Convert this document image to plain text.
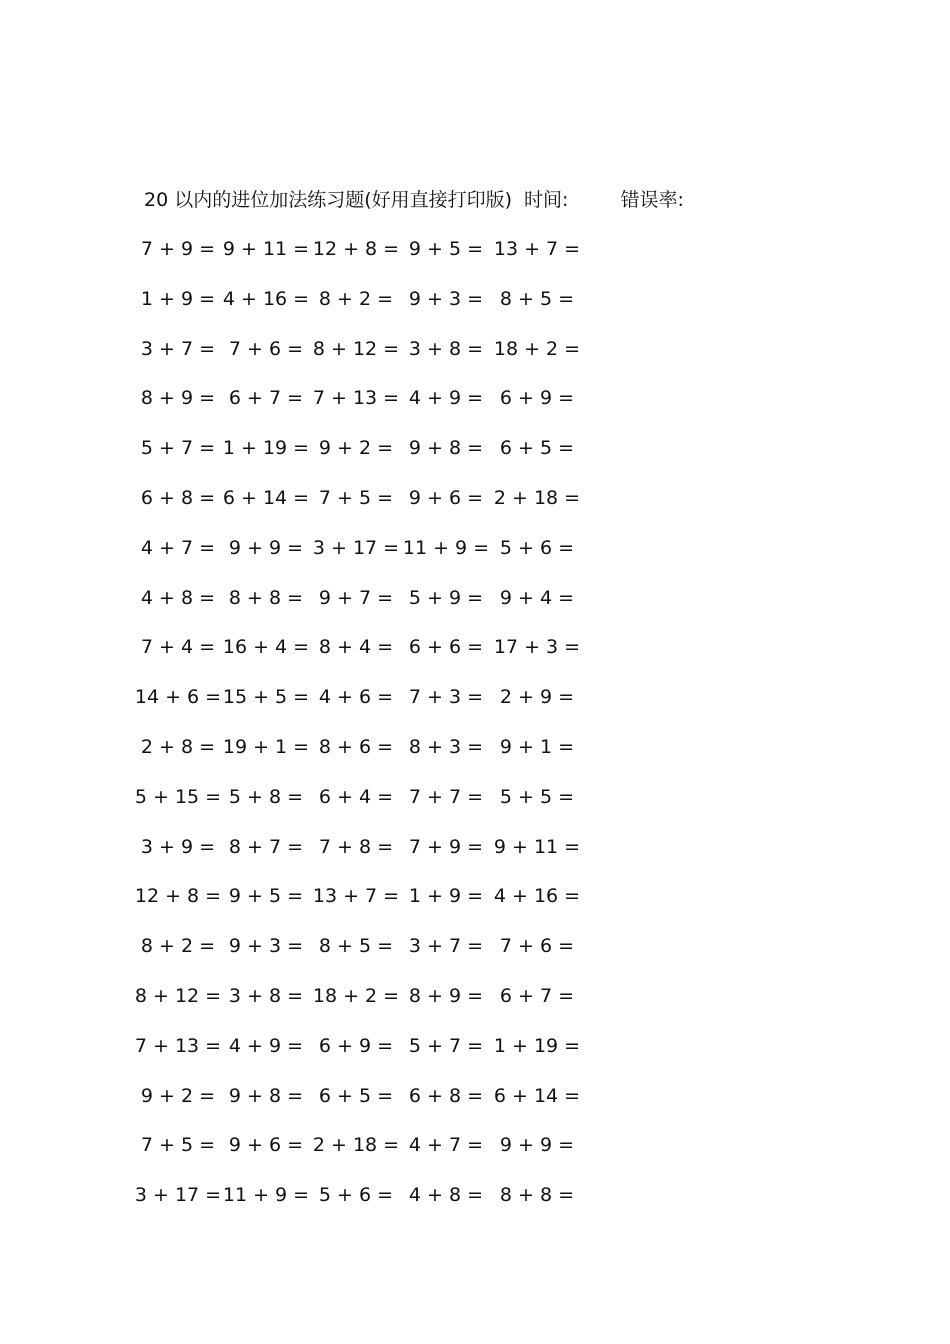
20 以内的进位加法练习题(好用直接打印版) 时间:	错误率:
7 + 9 = 9 + 11 = 12 + 8 = 9 + 5 = 13 + 7 =
1 + 9 = 4 + 16 = 8 + 2 = 9 + 3 = 8 + 5 =
3 + 7 = 7 + 6 = 8 + 12 = 3 + 8 = 18 + 2 =
8 + 9 = 6 + 7 = 7 + 13 = 4 + 9 = 6 + 9 =
5 + 7 = 1 + 19 = 9 + 2 = 9 + 8 = 6 + 5 =
6 + 8 = 6 + 14 = 7 + 5 = 9 + 6 = 2 + 18 =
4 + 7 = 9 + 9 = 3 + 17 = 11 + 9 = 5 + 6 =
4 + 8 = 8 + 8 = 9 + 7 = 5 + 9 = 9 + 4 =
7 + 4 = 16 + 4 = 8 + 4 = 6 + 6 = 17 + 3 =
14 + 6 = 15 + 5 = 4 + 6 = 7 + 3 = 2 + 9 =
2 + 8 = 19 + 1 = 8 + 6 = 8 + 3 = 9 + 1 =
5 + 15 = 5 + 8 = 6 + 4 = 7 + 7 = 5 + 5 =
3 + 9 = 8 + 7 = 7 + 8 = 7 + 9 = 9 + 11 =
12 + 8 = 9 + 5 = 13 + 7 = 1 + 9 = 4 + 16 =
8 + 2 = 9 + 3 = 8 + 5 = 3 + 7 = 7 + 6 =
8 + 12 = 3 + 8 = 18 + 2 = 8 + 9 = 6 + 7 =
7 + 13 = 4 + 9 = 6 + 9 = 5 + 7 = 1 + 19 =
9 + 2 = 9 + 8 = 6 + 5 = 6 + 8 = 6 + 14 =
7 + 5 = 9 + 6 = 2 + 18 = 4 + 7 = 9 + 9 =
3 + 17 = 11 + 9 = 5 + 6 = 4 + 8 = 8 + 8 =
